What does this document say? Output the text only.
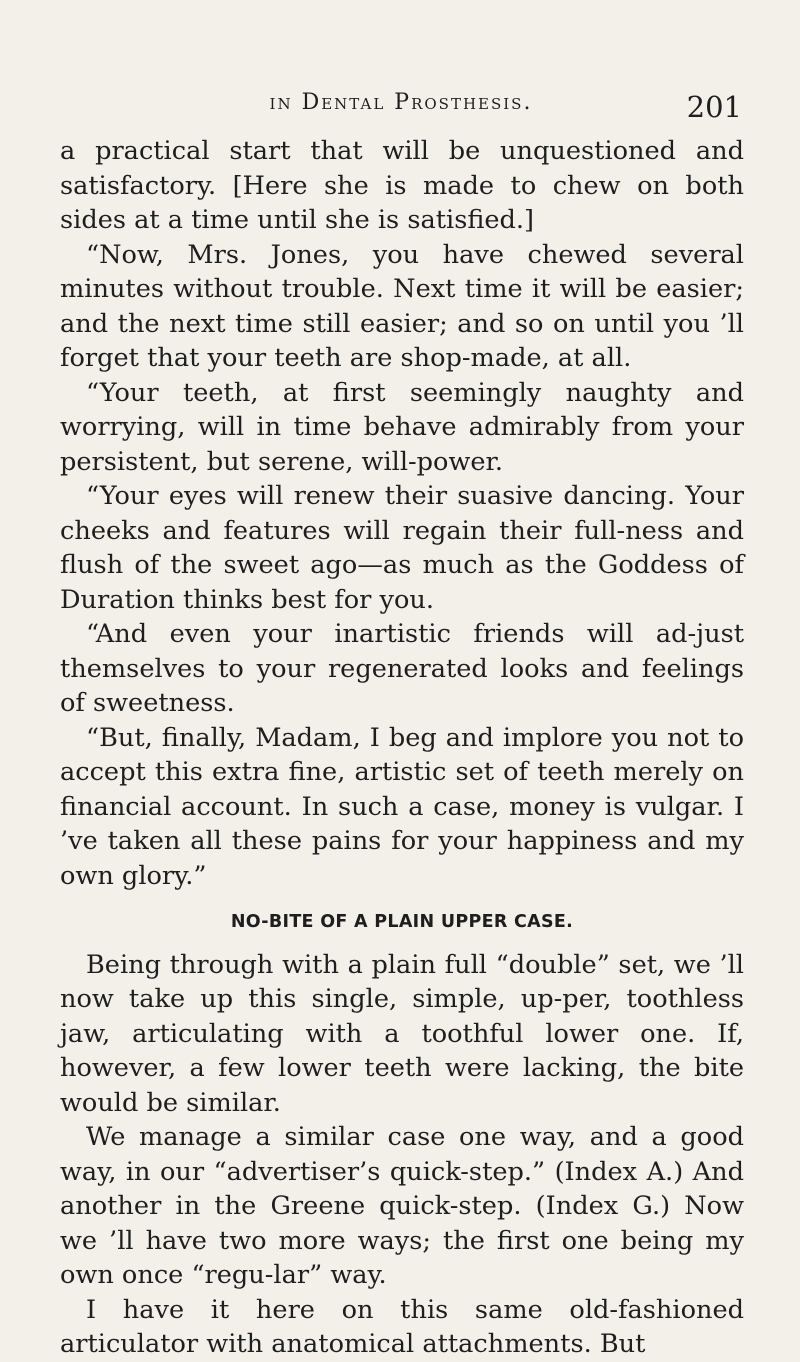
in Dental Prosthesis.	201

a practical start that will be unquestioned and satisfactory. [Here she is made to chew on both sides at a time until she is satisfied.]

“Now, Mrs. Jones, you have chewed several minutes without trouble. Next time it will be easier; and the next time still easier; and so on until you ’ll forget that your teeth are shop-made, at all.

“Your teeth, at first seemingly naughty and worrying, will in time behave admirably from your persistent, but serene, will-power.

“Your eyes will renew their suasive dancing. Your cheeks and features will regain their full-ness and flush of the sweet ago—as much as the Goddess of Duration thinks best for you.

“And even your inartistic friends will ad-just themselves to your regenerated looks and feelings of sweetness.

“But, finally, Madam, I beg and implore you not to accept this extra fine, artistic set of teeth merely on financial account. In such a case, money is vulgar. I ’ve taken all these pains for your happiness and my own glory.”

NO-BITE OF A PLAIN UPPER CASE.

Being through with a plain full “double” set, we ’ll now take up this single, simple, up-per, toothless jaw, articulating with a toothful lower one. If, however, a few lower teeth were lacking, the bite would be similar.

We manage a similar case one way, and a good way, in our “advertiser’s quick-step.” (Index A.) And another in the Greene quick-step. (Index G.) Now we ’ll have two more ways; the first one being my own once “regu-lar” way.

I have it here on this same old-fashioned articulator with anatomical attachments. But
